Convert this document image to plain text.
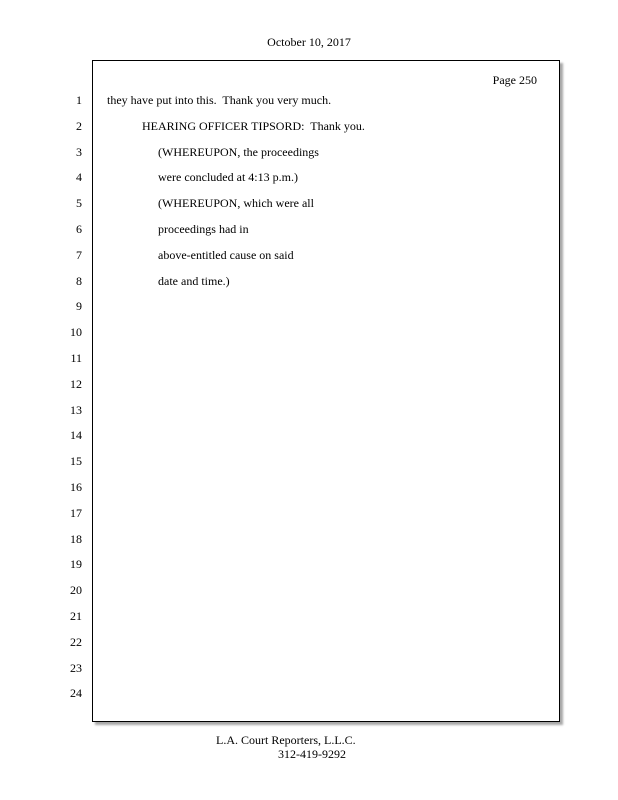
October 10, 2017
1
2
3
4
5
6
7
8
9
10
11
12
13
14
15
16
17
18
19
20
21
22
23
24
Page 250
they have put into this.  Thank you very much.
HEARING OFFICER TIPSORD:  Thank you.
(WHEREUPON, the proceedings
were concluded at 4:13 p.m.)
(WHEREUPON, which were all
proceedings had in
above-entitled cause on said
date and time.)
L.A. Court Reporters, L.L.C.
312-419-9292
